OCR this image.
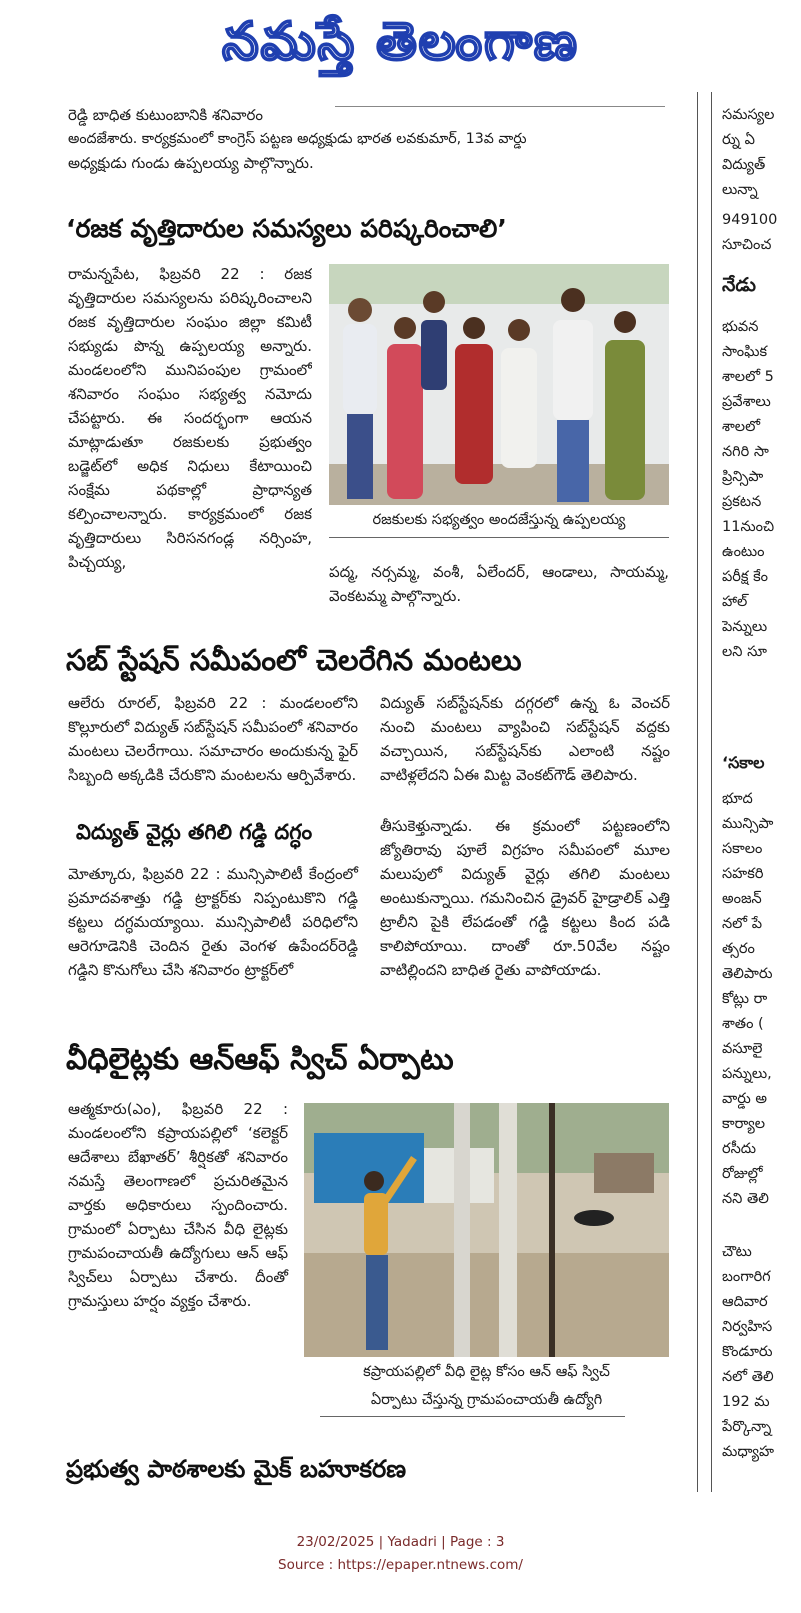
నమస్తే తెలంగాణ

రెడ్డి బాధిత కుటుంబానికి శనివారం

అందజేశారు. కార్యక్రమంలో కాంగ్రెస్ పట్టణ అధ్యక్షుడు భారత లవకుమార్, 13వ వార్డు

అధ్యక్షుడు గుండు ఉప్పలయ్య పాల్గొన్నారు.

‘రజక వృత్తిదారుల సమస్యలు పరిష్కరించాలి’

రామన్నపేట, ఫిబ్రవరి 22 : రజక వృత్తిదారుల సమస్యలను పరిష్కరించాలని రజక వృత్తిదారుల సంఘం జిల్లా కమిటీ సభ్యుడు పొన్న ఉప్పలయ్య అన్నారు. మండలంలోని మునిపంపుల గ్రామంలో శనివారం సంఘం సభ్యత్వ నమోదు చేపట్టారు. ఈ సందర్భంగా ఆయన మాట్లాడుతూ రజకులకు ప్రభుత్వం బడ్జెట్‌లో అధిక నిధులు కేటాయించి సంక్షేమ పథకాల్లో ప్రాధాన్యత కల్పించాలన్నారు. కార్యక్రమంలో రజక వృత్తిదారులు సిరిసనగండ్ల నర్సింహ, పిచ్చయ్య,

రజకులకు సభ్యత్వం అందజేస్తున్న ఉప్పలయ్య

పద్మ, నర్సమ్మ, వంశీ, ఏలేందర్, ఆండాలు, సాయమ్మ, వెంకటమ్మ పాల్గొన్నారు.

సబ్ స్టేషన్ సమీపంలో చెలరేగిన మంటలు

ఆలేరు రూరల్, ఫిబ్రవరి 22 : మండలంలోని కొల్లూరులో విద్యుత్ సబ్‌స్టేషన్ సమీపంలో శనివారం మంటలు చెలరేగాయి. సమాచారం అందుకున్న ఫైర్ సిబ్బంది అక్కడికి చేరుకొని మంటలను ఆర్పివేశారు.

విద్యుత్ సబ్‌స్టేషన్‌కు దగ్గరలో ఉన్న ఓ వెంచర్ నుంచి మంటలు వ్యాపించి సబ్‌స్టేషన్ వద్దకు వచ్చాయిన, సబ్‌స్టేషన్‌కు ఎలాంటి నష్టం వాటిళ్లలేదని ఏఈ మిట్ట వెంకట్‌గౌడ్ తెలిపారు.

విద్యుత్ వైర్లు తగిలి గడ్డి దగ్ధం

మోత్కూరు, ఫిబ్రవరి 22 : మున్సిపాలిటీ కేంద్రంలో ప్రమాదవశాత్తు గడ్డి ట్రాక్టర్‌కు నిప్పంటుకొని గడ్డి కట్టలు దగ్ధమయ్యాయి. మున్సిపాలిటీ పరిధిలోని ఆరెగూడెనికి చెందిన రైతు వెంగళ ఉపేందర్‌రెడ్డి గడ్డిని కొనుగోలు చేసి శనివారం ట్రాక్టర్‌లో

తీసుకెళ్తున్నాడు. ఈ క్రమంలో పట్టణంలోని జ్యోతిరావు పూలే విగ్రహం సమీపంలో మూల మలుపులో విద్యుత్ వైర్లు తగిలి మంటలు అంటుకున్నాయి. గమనించిన డ్రైవర్ హైడ్రాలిక్ ఎత్తి ట్రాలీని పైకి లేపడంతో గడ్డి కట్టలు కింద పడి కాలిపోయాయి. దాంతో రూ.50వేల నష్టం వాటిల్లిందని బాధిత రైతు వాపోయాడు.

వీధిలైట్లకు ఆన్‌ఆఫ్ స్విచ్ ఏర్పాటు

ఆత్మకూరు(ఎం), ఫిబ్రవరి 22 : మండలంలోని కప్రాయపల్లిలో ‘కలెక్టర్ ఆదేశాలు బేఖాతర్’ శీర్షికతో శనివారం నమస్తే తెలంగాణలో ప్రచురితమైన వార్తకు అధికారులు స్పందించారు. గ్రామంలో ఏర్పాటు చేసిన వీధి లైట్లకు గ్రామపంచాయతీ ఉద్యోగులు ఆన్ ఆఫ్ స్విచ్‌లు ఏర్పాటు చేశారు. దీంతో గ్రామస్తులు హర్షం వ్యక్తం చేశారు.

కప్రాయపల్లిలో వీధి లైట్ల కోసం ఆన్ ఆఫ్ స్విచ్

ఏర్పాటు చేస్తున్న గ్రామపంచాయతీ ఉద్యోగి

ప్రభుత్వ పాఠశాలకు మైక్ బహూకరణ

సమస్యల

ర్ను ఏ

విద్యుత్

లున్నా

949100

సూచించ

నేడు

భువన

సాంఘిక

శాలలో 5

ప్రవేశాలు

శాలలో

నగిరి సా

ప్రిన్సిపా

ప్రకటన

11నుంచి

ఉంటుం

పరీక్ష కేం

హాల్

పెన్నులు

లని సూ

‘సకాల

భూద

మున్సిపా

సకాలం

సహకరి

అంజన్

నలో పే

త్సరం

తెలిపారు

కోట్లు రా

శాతం (

వసూలై

పన్నులు,

వార్డు అ

కార్యాల

రసీదు

రోజుల్లో

నని తెలి

చౌటు

బంగారిగ

ఆదివార

నిర్వహిస

కొండూరు

నలో తెలి

192 మ

పేర్కొన్నా

మధ్యాహ

23/02/2025 | Yadadri | Page : 3
Source : https://epaper.ntnews.com/
